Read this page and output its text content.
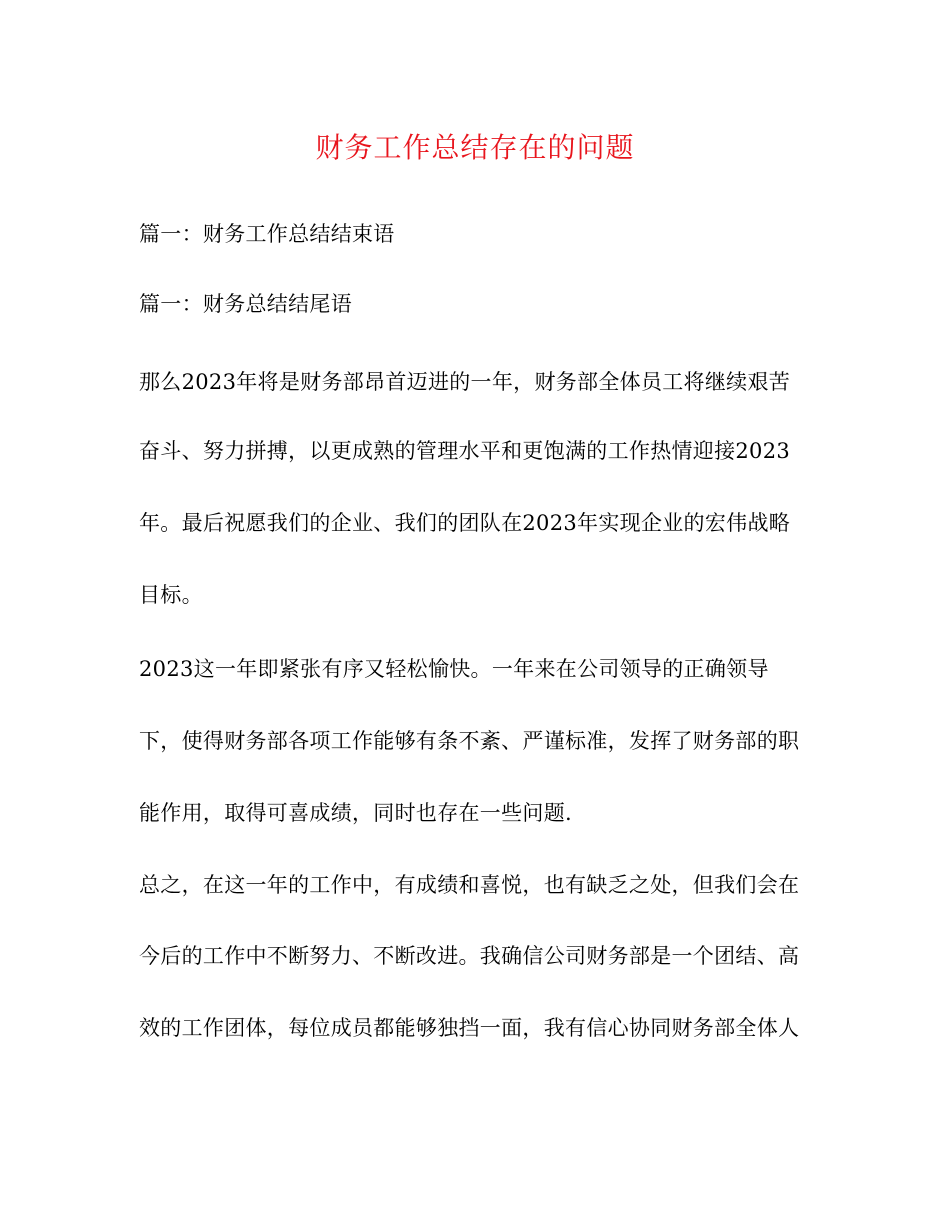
财务工作总结存在的问题
篇一：财务工作总结结束语
篇一：财务总结结尾语
那么2023年将是财务部昂首迈进的一年，财务部全体员工将继续艰苦
奋斗、努力拼搏，以更成熟的管理水平和更饱满的工作热情迎接2023
年。最后祝愿我们的企业、我们的团队在2023年实现企业的宏伟战略
目标。
2023这一年即紧张有序又轻松愉快。一年来在公司领导的正确领导
下，使得财务部各项工作能够有条不紊、严谨标准，发挥了财务部的职
能作用，取得可喜成绩，同时也存在一些问题.
总之，在这一年的工作中，有成绩和喜悦，也有缺乏之处，但我们会在
今后的工作中不断努力、不断改进。我确信公司财务部是一个团结、高
效的工作团体，每位成员都能够独挡一面，我有信心协同财务部全体人
